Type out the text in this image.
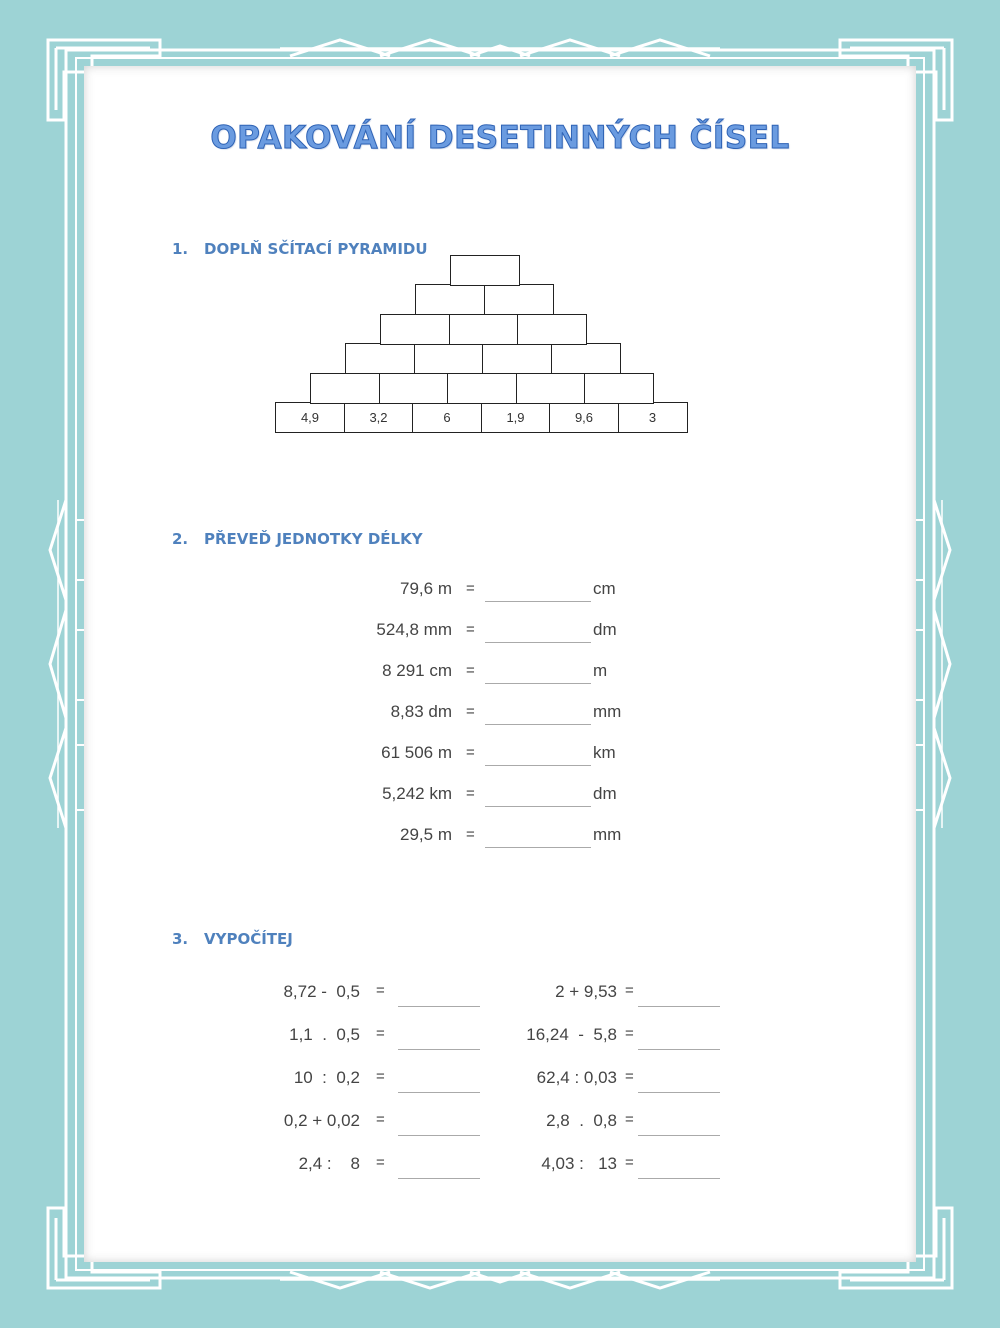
OPAKOVÁNÍ DESETINNÝCH ČÍSEL
1. DOPLŇ SČÍTACÍ PYRAMIDU
4,9	3,2	6	1,9	9,6	3
2. PŘEVEĎ JEDNOTKY DÉLKY
79,6 m =	cm
524,8 mm =	dm
8 291 cm =	m
8,83 dm =	mm
61 506 m =	km
5,242 km =	dm
29,5 m =	mm
3. VYPOČÍTEJ
8,72 -  0,5 =
1,1  .  0,5 =
10  :  0,2 =
0,2 + 0,02 =
2,4 :    8 =
2 + 9,53 =
16,24  -  5,8 =
62,4 : 0,03 =
2,8  .  0,8 =
4,03 :   13 =
